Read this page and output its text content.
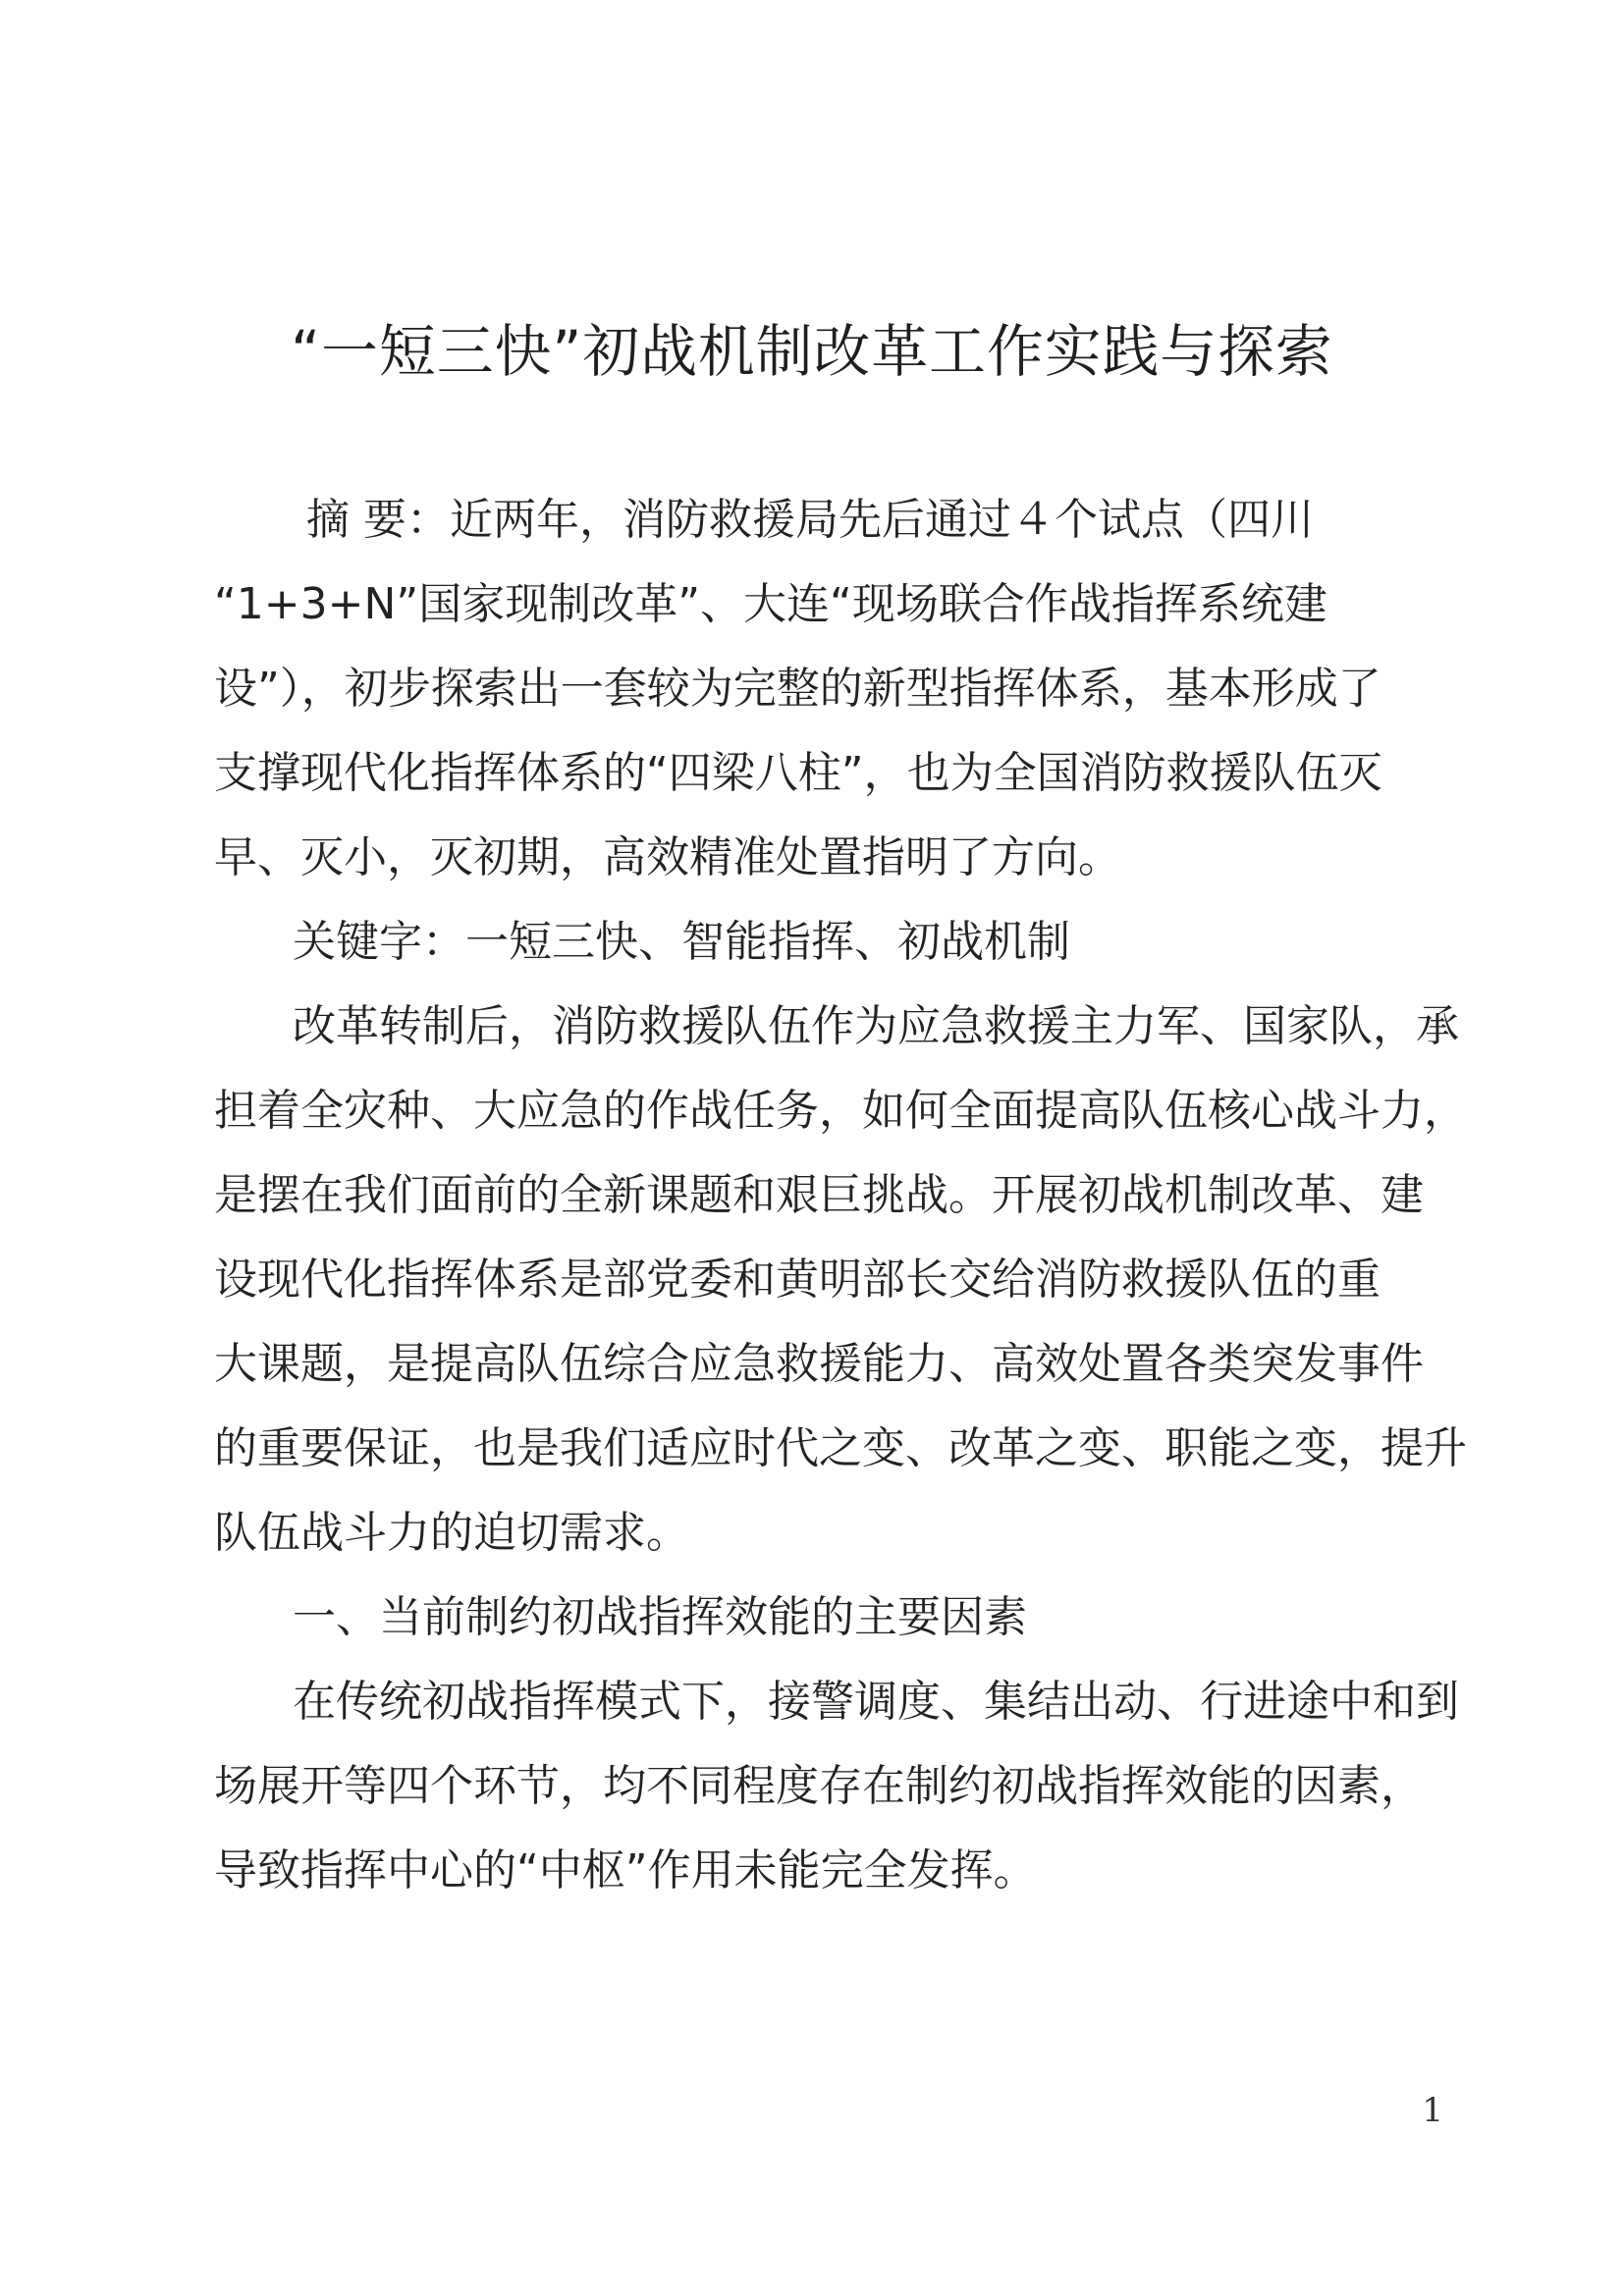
“一短三快”初战机制改革工作实践与探索
摘 要：近两年，消防救援局先后通过４个试点（四川
“1+3+N”国家现制改革”、大连“现场联合作战指挥系统建
设”），初步探索出一套较为完整的新型指挥体系，基本形成了
支撑现代化指挥体系的“四梁八柱”，也为全国消防救援队伍灭
早、灭小，灭初期，高效精准处置指明了方向。
关键字：一短三快、智能指挥、初战机制
改革转制后，消防救援队伍作为应急救援主力军、国家队，承
担着全灾种、大应急的作战任务，如何全面提高队伍核心战斗力，
是摆在我们面前的全新课题和艰巨挑战。开展初战机制改革、建
设现代化指挥体系是部党委和黄明部长交给消防救援队伍的重
大课题，是提高队伍综合应急救援能力、高效处置各类突发事件
的重要保证，也是我们适应时代之变、改革之变、职能之变，提升
队伍战斗力的迫切需求。
一、当前制约初战指挥效能的主要因素
在传统初战指挥模式下，接警调度、集结出动、行进途中和到
场展开等四个环节，均不同程度存在制约初战指挥效能的因素，
导致指挥中心的“中枢”作用未能完全发挥。
1
